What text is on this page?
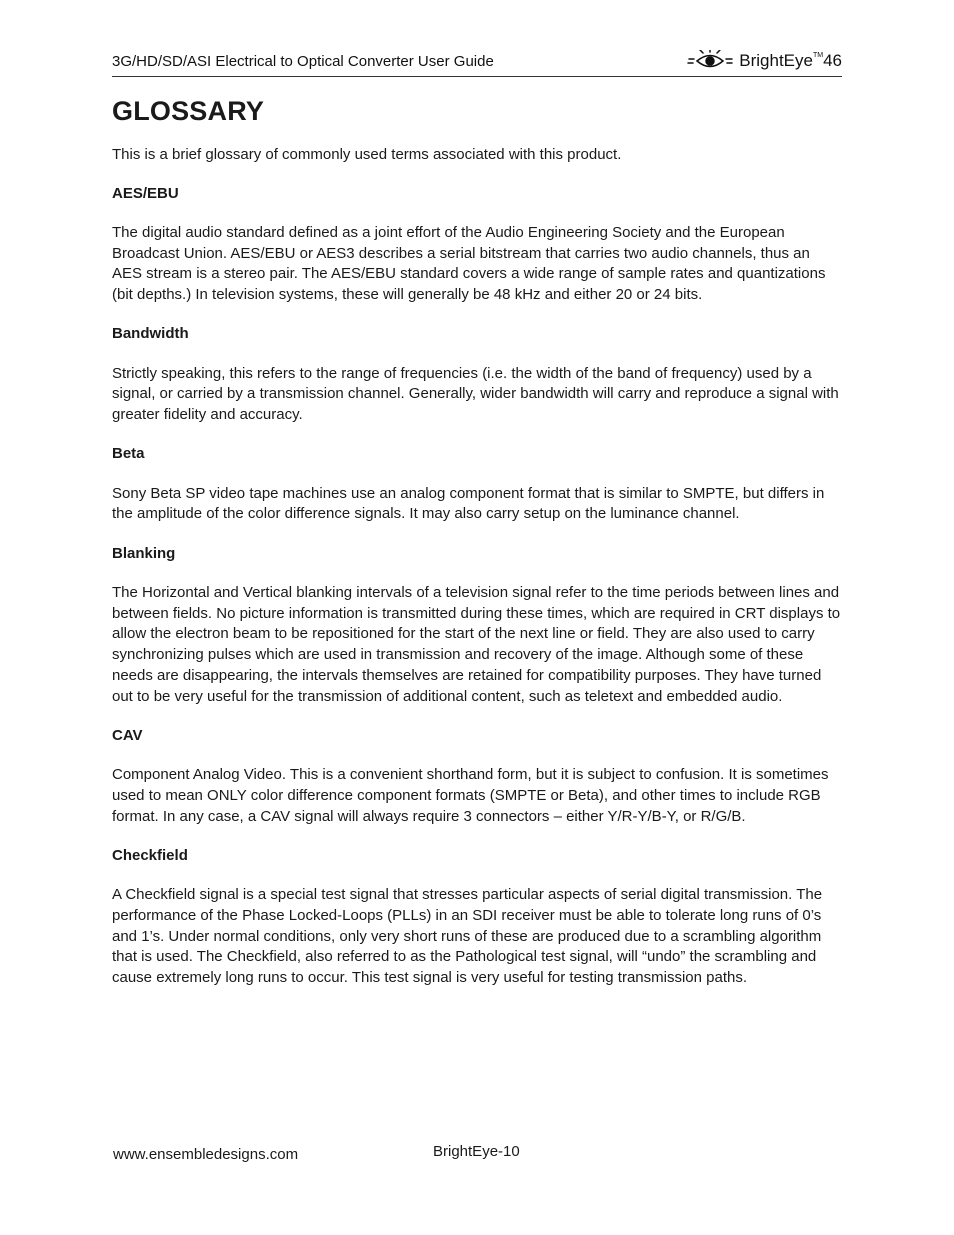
3G/HD/SD/ASI Electrical to Optical Converter User Guide	BrightEye TM 46
GLOSSARY

This is a brief glossary of commonly used terms associated with this product.

AES/EBU

The digital audio standard defined as a joint effort of the Audio Engineering Society and the European Broadcast Union. AES/EBU or AES3 describes a serial bitstream that carries two audio channels, thus an AES stream is a stereo pair. The AES/EBU standard covers a wide range of sample rates and quantizations (bit depths.) In television systems, these will generally be 48 kHz and either 20 or 24 bits.

Bandwidth

Strictly speaking, this refers to the range of frequencies (i.e. the width of the band of frequency) used by a signal, or carried by a transmission channel. Generally, wider bandwidth will carry and reproduce a signal with greater fidelity and accuracy.

Beta

Sony Beta SP video tape machines use an analog component format that is similar to SMPTE, but differs in the amplitude of the color difference signals. It may also carry setup on the luminance channel.

Blanking

The Horizontal and Vertical blanking intervals of a television signal refer to the time periods between lines and between fields. No picture information is transmitted during these times, which are required in CRT displays to allow the electron beam to be repositioned for the start of the next line or field. They are also used to carry synchronizing pulses which are used in transmission and recovery of the image. Although some of these needs are disappearing, the intervals themselves are retained for compatibility purposes. They have turned out to be very useful for the transmission of additional content, such as teletext and embedded audio.

CAV

Component Analog Video. This is a convenient shorthand form, but it is subject to confusion. It is sometimes used to mean ONLY color difference component formats (SMPTE or Beta), and other times to include RGB format. In any case, a CAV signal will always require 3 connectors – either Y/R-Y/B-Y, or R/G/B.

Checkfield

A Checkfield signal is a special test signal that stresses particular aspects of serial digital transmission. The performance of the Phase Locked-Loops (PLLs) in an SDI receiver must be able to tolerate long runs of 0’s and 1’s. Under normal conditions, only very short runs of these are produced due to a scrambling algorithm that is used. The Checkfield, also referred to as the Pathological test signal, will “undo” the scrambling and cause extremely long runs to occur. This test signal is very useful for testing transmission paths.

www.ensembledesigns.com	BrightEye-10
